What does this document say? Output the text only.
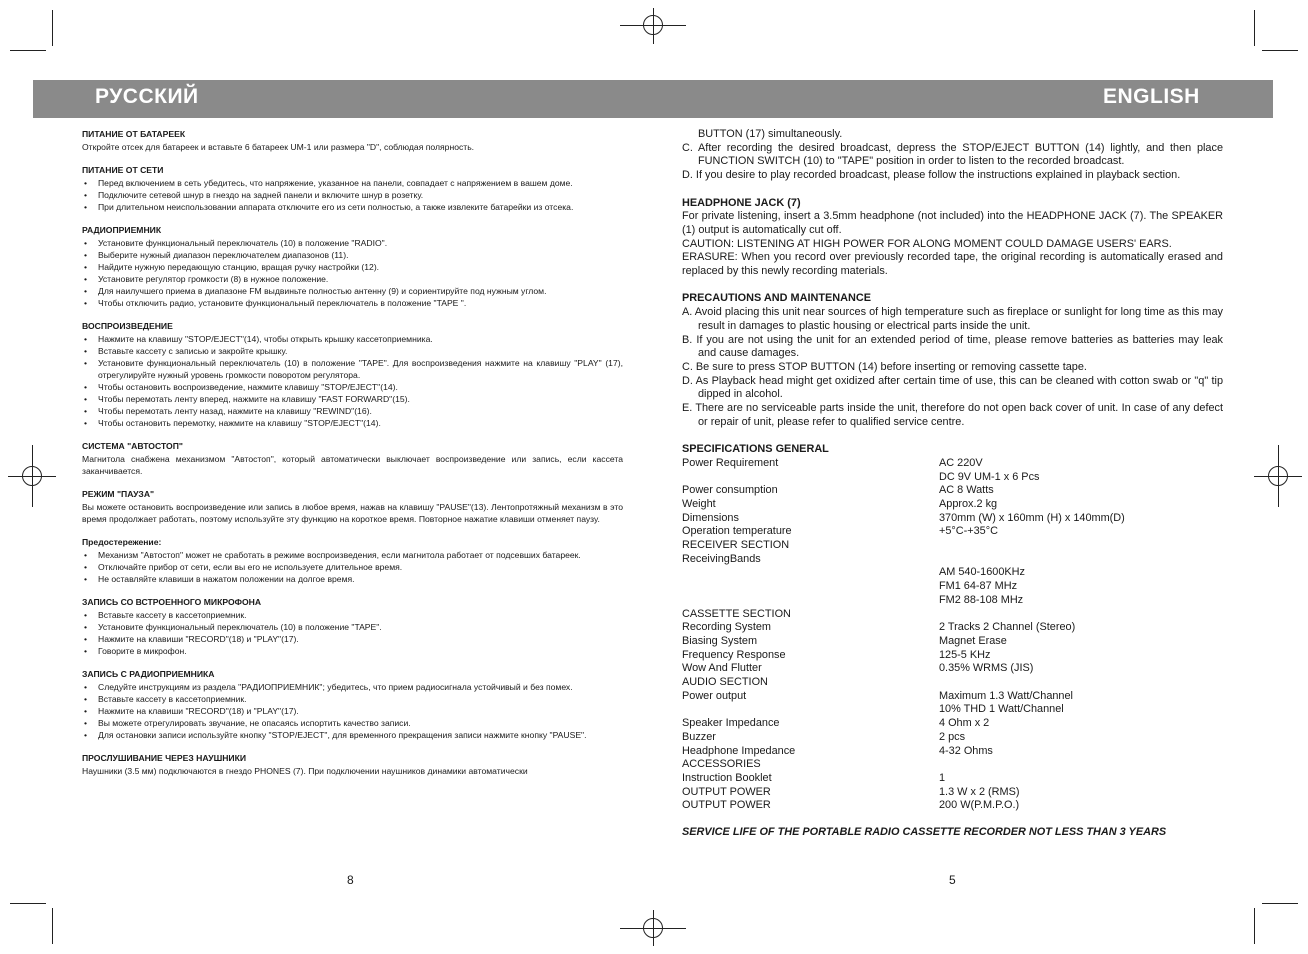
РУССКИЙ	ENGLISH
ПИТАНИЕ ОТ БАТАРЕЕК

Откройте отсек для батареек и вставьте 6 батареек UM-1 или размера "D", соблюдая полярность.

ПИТАНИЕ ОТ СЕТИ
• Перед включением в сеть убедитесь, что напряжение, указанное на панели, совпадает с напряжением в вашем доме.
• Подключите сетевой шнур в гнездо на задней панели и включите шнур в розетку.
• При длительном неиспользовании аппарата отключите его из сети полностью, а также извлеките батарейки из отсека.
РАДИОПРИЕМНИК
• Установите функциональный переключатель (10) в положение "RADIO".
• Выберите нужный диапазон переключателем диапазонов (11).
• Найдите нужную передающую станцию, вращая ручку настройки (12).
• Установите регулятор громкости (8) в нужное положение.
• Для наилучшего приема в диапазоне FM выдвиньте полностью антенну (9) и сориентируйте под нужным углом.
• Чтобы отключить радио, установите функциональный переключатель в положение "TAPE ".
ВОСПРОИЗВЕДЕНИЕ
• Нажмите на клавишу "STOP/EJECT"(14), чтобы открыть крышку кассетоприемника.
• Вставьте кассету с записью и закройте крышку.
• Установите функциональный переключатель (10) в положение "TAPE". Для воспроизведения нажмите на клавишу "PLAY" (17), отрегулируйте нужный уровень громкости поворотом регулятора.
• Чтобы остановить воспроизведение, нажмите клавишу "STOP/EJECT"(14).
• Чтобы перемотать ленту вперед, нажмите на клавишу "FAST FORWARD"(15).
• Чтобы перемотать ленту назад, нажмите на клавишу "REWIND"(16).
• Чтобы остановить перемотку, нажмите на клавишу "STOP/EJECT"(14).
СИСТЕМА "АВТОСТОП"

Магнитола снабжена механизмом "Автостоп", который автоматически выключает воспроизведение или запись, если кассета заканчивается.

РЕЖИМ "ПАУЗА"

Вы можете остановить воспроизведение или запись в любое время, нажав на клавишу "PAUSE"(13). Лентопротяжный механизм в это время продолжает работать, поэтому используйте эту функцию на короткое время. Повторное нажатие клавиши отменяет паузу.

Предостережение:
• Механизм "Автостоп" может не сработать в режиме воспроизведения, если магнитола работает от подсевших батареек.
• Отключайте прибор от сети, если вы его не используете длительное время.
• Не оставляйте клавиши в нажатом положении на долгое время.
ЗАПИСЬ СО ВСТРОЕННОГО МИКРОФОНА
• Вставьте кассету в кассетоприемник.
• Установите функциональный переключатель (10) в положение "TAPE".
• Нажмите на клавиши "RECORD"(18) и "PLAY"(17).
• Говорите в микрофон.
ЗАПИСЬ С РАДИОПРИЕМНИКА
• Следуйте инструкциям из раздела "РАДИОПРИЕМНИК"; убедитесь, что прием радиосигнала устойчивый и без помех.
• Вставьте кассету в кассетоприемник.
• Нажмите на клавиши "RECORD"(18) и "PLAY"(17).
• Вы можете отрегулировать звучание, не опасаясь испортить качество записи.
• Для остановки записи используйте кнопку "STOP/EJECT", для временного прекращения записи нажмите кнопку "PAUSE".
ПРОСЛУШИВАНИЕ ЧЕРЕЗ НАУШНИКИ

Наушники (3.5 мм) подключаются в гнездо PHONES (7). При подключении наушников динамики автоматически

BUTTON (17) simultaneously.

C. After recording the desired broadcast, depress the STOP/EJECT BUTTON (14) lightly, and then place FUNCTION SWITCH (10) to "TAPE" position in order to listen to the recorded broadcast.

D. If you desire to play recorded broadcast, please follow the instructions explained in playback section.

HEADPHONE JACK (7)

For private listening, insert a 3.5mm headphone (not included) into the HEADPHONE JACK (7). The SPEAKER (1) output is automatically cut off.

CAUTION: LISTENING AT HIGH POWER FOR ALONG MOMENT COULD DAMAGE USERS' EARS.

ERASURE: When you record over previously recorded tape, the original recording is automatically erased and replaced by this newly recording materials.

PRECAUTIONS AND MAINTENANCE

A. Avoid placing this unit near sources of high temperature such as fireplace or sunlight for long time as this may result in damages to plastic housing or electrical parts inside the unit.

B. If you are not using the unit for an extended period of time, please remove batteries as batteries may leak and cause damages.

C. Be sure to press STOP BUTTON (14) before inserting or removing cassette tape.

D. As Playback head might get oxidized after certain time of use, this can be cleaned with cotton swab or "q" tip dipped in alcohol.

E. There are no serviceable parts inside the unit, therefore do not open back cover of unit. In case of any defect or repair of unit, please refer to qualified service centre.

SPECIFICATIONS GENERAL
Power Requirement	AC 220V

DC 9V UM-1 x 6 Pcs
Power consumption	AC 8 Watts
Weight	Approx.2 kg
Dimensions	370mm (W) x 160mm (H) x 140mm(D)
Operation temperature	+5°C-+35°C
RECEIVER SECTION

ReceivingBands

AM 540-1600KHz

FM1 64-87 MHz

FM2 88-108 MHz
CASSETTE SECTION

Recording System	2 Tracks 2 Channel (Stereo)
Biasing System	Magnet Erase
Frequency Response	125-5 KHz
Wow And Flutter	0.35% WRMS (JIS)
AUDIO SECTION

Power output	Maximum 1.3 Watt/Channel

10% THD 1 Watt/Channel
Speaker Impedance	4 Ohm x 2
Buzzer	2 pcs
Headphone Impedance	4-32 Ohms
ACCESSORIES

Instruction Booklet	1
OUTPUT POWER	1.3 W x 2 (RMS)
OUTPUT POWER	200 W(P.M.P.O.)
SERVICE LIFE OF THE PORTABLE RADIO CASSETTE RECORDER NOT LESS THAN 3 YEARS
8	5
